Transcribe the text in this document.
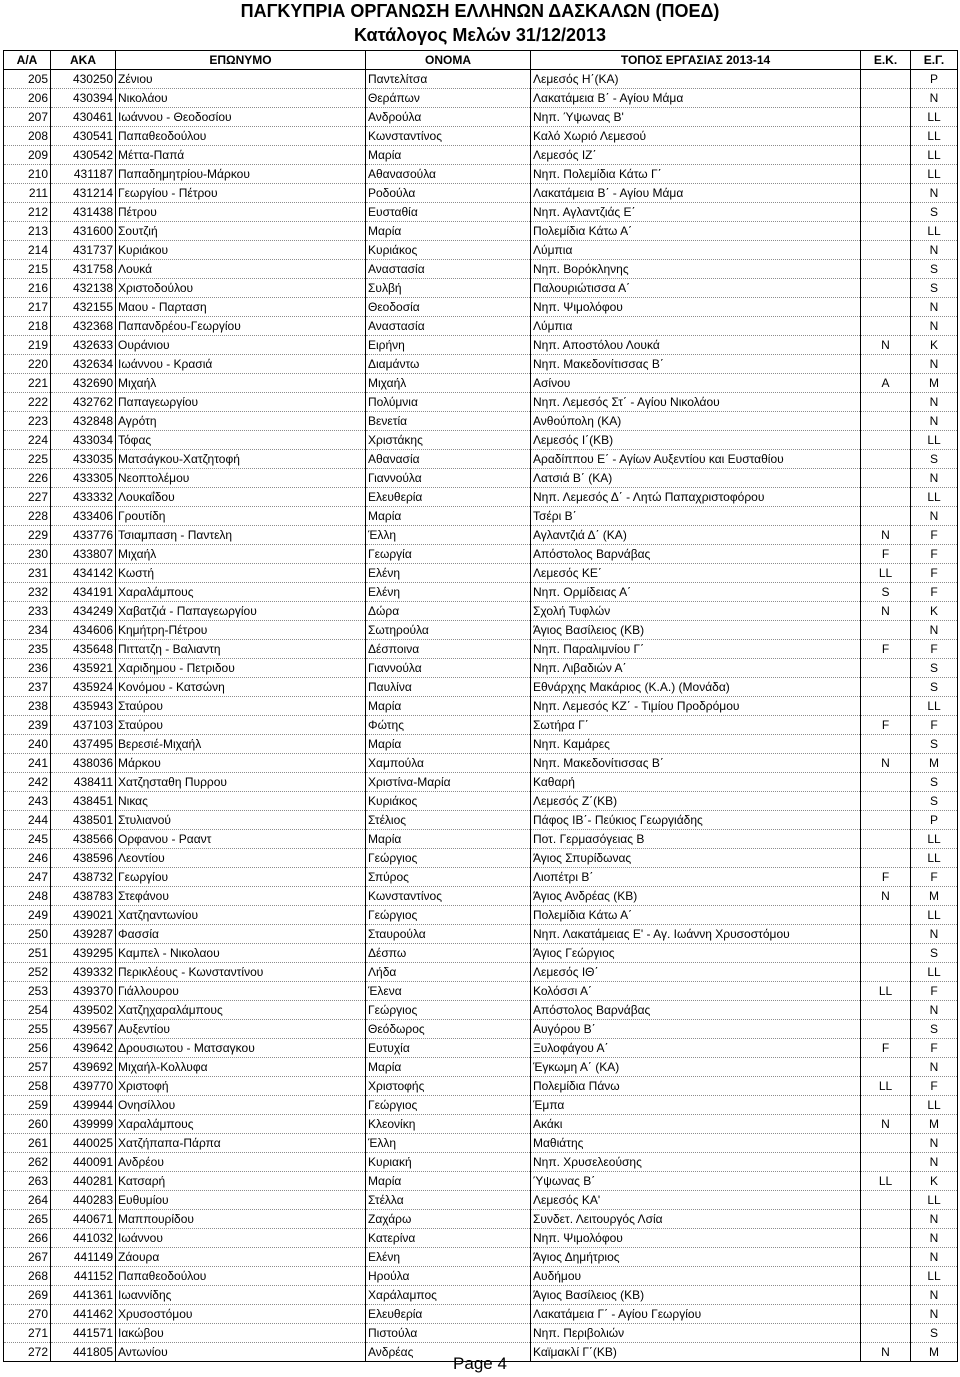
ΠΑΓΚΥΠΡΙΑ ΟΡΓΑΝΩΣΗ ΕΛΛΗΝΩΝ ΔΑΣΚΑΛΩΝ (ΠΟΕΔ)
Κατάλογος Μελών 31/12/2013
Α/Α	ΑΚΑ	ΕΠΩΝΥΜΟ	ΟΝΟΜΑ	ΤΟΠΟΣ ΕΡΓΑΣΙΑΣ 2013-14	Ε.Κ.	Ε.Γ.
205	430250	Ζένιου	Παντελίτσα	Λεμεσός Η΄(ΚΑ)		P
206	430394	Νικολάου	Θεράπων	Λακατάμεια Β΄ - Αγίου Μάμα		N
207	430461	Ιωάννου - Θεοδοσίου	Ανδρούλα	Νηπ. Ύψωνας Β'		LL
208	430541	Παπαθεοδούλου	Κωνσταντίνος	Καλό Χωριό Λεμεσού		LL
209	430542	Μέττα-Παπά	Μαρία	Λεμεσός ΙΖ΄		LL
210	431187	Παπαδημητρίου-Μάρκου	Αθανασούλα	Νηπ. Πολεμίδια Κάτω Γ΄		LL
211	431214	Γεωργίου - Πέτρου	Ροδούλα	Λακατάμεια Β΄ - Αγίου Μάμα		N
212	431438	Πέτρου	Ευσταθία	Νηπ. Αγλαντζιάς Ε΄		S
213	431600	Σουτζιή	Μαρία	Πολεμίδια Κάτω Α΄		LL
214	431737	Κυριάκου	Κυριάκος	Λύμπια		N
215	431758	Λουκά	Αναστασία	Νηπ. Βορόκληνης		S
216	432138	Χριστοδούλου	Συλβή	Παλουριώτισσα Α΄		S
217	432155	Μαου - Παρταση	Θεοδοσία	Νηπ. Ψιμολόφου		N
218	432368	Παπανδρέου-Γεωργίου	Αναστασία	Λύμπια		N
219	432633	Ουράνιου	Ειρήνη	Νηπ. Αποστόλου Λουκά	N	K
220	432634	Ιωάννου - Κρασιά	Διαμάντω	Νηπ. Μακεδονίτισσας Β΄		N
221	432690	Μιχαήλ	Μιχαήλ	Ασίνου	A	M
222	432762	Παπαγεωργίου	Πολύμνια	Νηπ. Λεμεσός Στ΄ - Αγίου Νικολάου		N
223	432848	Αγρότη	Βενετία	Ανθούπολη (ΚΑ)		N
224	433034	Τόφας	Χριστάκης	Λεμεσός Ι΄(ΚΒ)		LL
225	433035	Ματσάγκου-Χατζητοφή	Αθανασία	Αραδίππου Ε΄ - Αγίων Αυξεντίου και Ευσταθίου		S
226	433305	Νεοπτολέμου	Γιαννούλα	Λατσιά Β΄ (ΚΑ)		N
227	433332	Λουκαΐδου	Ελευθερία	Νηπ. Λεμεσός Δ΄ - Λητώ Παπαχριστοφόρου		LL
228	433406	Γρουτίδη	Μαρία	Τσέρι Β΄		N
229	433776	Τσιαμπαση - Παντελη	Έλλη	Αγλαντζιά Δ΄ (ΚΑ)	N	F
230	433807	Μιχαήλ	Γεωργία	Απόστολος Βαρνάβας	F	F
231	434142	Κωστή	Ελένη	Λεμεσός ΚΕ΄	LL	F
232	434191	Χαραλάμπους	Ελένη	Νηπ. Ορμίδειας Α΄	S	F
233	434249	Χαβατζιά - Παπαγεωργίου	Δώρα	Σχολή Τυφλών	N	K
234	434606	Κημήτρη-Πέτρου	Σωτηρούλα	Άγιος Βασίλειος (ΚΒ)		N
235	435648	Πιττατζη - Βαλιαντη	Δέσποινα	Νηπ. Παραλιμνίου Γ΄	F	F
236	435921	Χαριδημου - Πετριδου	Γιαννούλα	Νηπ. Λιβαδιών Α΄		S
237	435924	Κονόμου - Κατσώνη	Παυλίνα	Εθνάρχης Μακάριος (Κ.Α.) (Μονάδα)		S
238	435943	Σταύρου	Μαρία	Νηπ. Λεμεσός ΚΖ΄ - Τιμίου Προδρόμου		LL
239	437103	Σταύρου	Φώτης	Σωτήρα Γ΄	F	F
240	437495	Βερεσιέ-Μιχαήλ	Μαρία	Νηπ. Καμάρες		S
241	438036	Μάρκου	Χαμπούλα	Νηπ. Μακεδονίτισσας Β΄	N	M
242	438411	Χατζησταθη Πυρρου	Χριστίνα-Μαρία	Καθαρή		S
243	438451	Νικας	Κυριάκος	Λεμεσός Ζ΄(ΚΒ)		S
244	438501	Στυλιανού	Στέλιος	Πάφος ΙΒ΄- Πεύκιος Γεωργιάδης		P
245	438566	Ορφανου - Ρααντ	Μαρία	Ποτ. Γερμασόγειας Β		LL
246	438596	Λεοντίου	Γεώργιος	Άγιος Σπυρίδωνας		LL
247	438732	Γεωργίου	Σπύρος	Λιοπέτρι Β΄	F	F
248	438783	Στεφάνου	Κωνσταντίνος	Άγιος Ανδρέας (ΚΒ)	N	M
249	439021	Χατζηαντωνίου	Γεώργιος	Πολεμίδια Κάτω Α΄		LL
250	439287	Φασσία	Σταυρούλα	Νηπ. Λακατάμειας Ε' - Αγ. Ιωάννη Χρυσοστόμου		N
251	439295	Καμπελ - Νικολαου	Δέσπω	Άγιος Γεώργιος		S
252	439332	Περικλέους - Κωνσταντίνου	Λήδα	Λεμεσός ΙΘ΄		LL
253	439370	Γιάλλουρου	Έλενα	Κολόσσι Α΄	LL	F
254	439502	Χατζηχαραλάμπους	Γεώργιος	Απόστολος Βαρνάβας		N
255	439567	Αυξεντίου	Θεόδωρος	Αυγόρου Β΄		S
256	439642	Δρουσιωτου - Ματσαγκου	Ευτυχία	Ξυλοφάγου Α΄	F	F
257	439692	Μιχαήλ-Κολλυφα	Μαρία	Έγκωμη Α΄ (ΚΑ)		N
258	439770	Χριστοφή	Χριστοφής	Πολεμίδια Πάνω	LL	F
259	439944	Ονησίλλου	Γεώργιος	Έμπα		LL
260	439999	Χαραλάμπους	Κλεονίκη	Ακάκι	N	M
261	440025	Χατζήπαπα-Πάρπα	Έλλη	Μαθιάτης		N
262	440091	Ανδρέου	Κυριακή	Νηπ. Χρυσελεούσης		N
263	440281	Κατσαρή	Μαρία	Ύψωνας Β΄	LL	K
264	440283	Ευθυμίου	Στέλλα	Λεμεσός ΚΑ'		LL
265	440671	Μαππουρίδου	Ζαχάρω	Συνδετ. Λειτουργός Λσία		N
266	441032	Ιωάννου	Κατερίνα	Νηπ. Ψιμολόφου		N
267	441149	Ζάουρα	Ελένη	Άγιος Δημήτριος		N
268	441152	Παπαθεοδούλου	Ηρούλα	Αυδήμου		LL
269	441361	Ιωαννίδης	Χαράλαμπος	Άγιος Βασίλειος (ΚΒ)		N
270	441462	Χρυσοστόμου	Ελευθερία	Λακατάμεια Γ΄ - Αγίου Γεωργίου		N
271	441571	Ιακώβου	Πιστούλα	Νηπ. Περιβολιών		S
272	441805	Αντωνίου	Ανδρέας	Καϊμακλί Γ΄(ΚΒ)	N	M
Page 4
